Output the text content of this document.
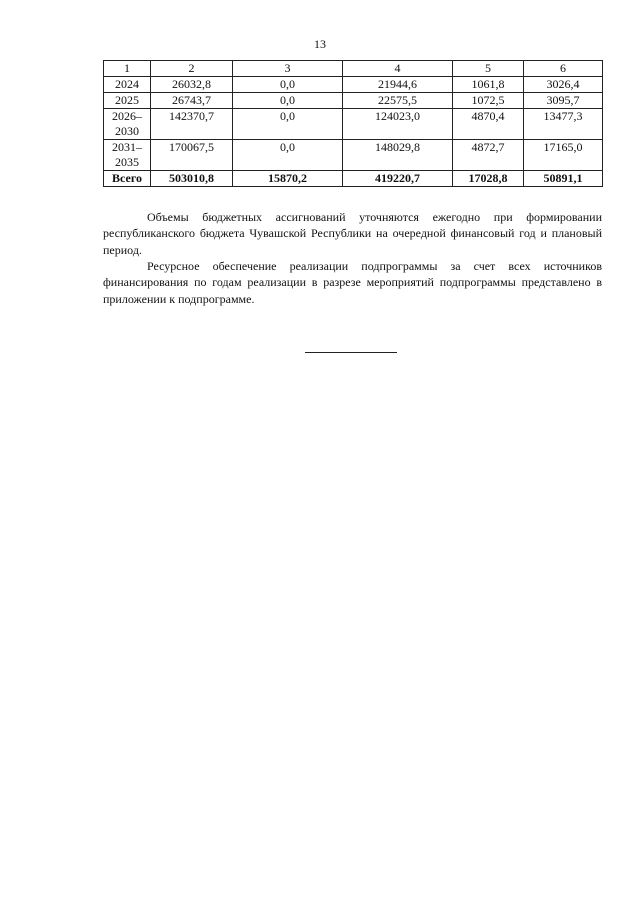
13
1	2	3	4	5	6
2024	26032,8	0,0	21944,6	1061,8	3026,4
2025	26743,7	0,0	22575,5	1072,5	3095,7
2026–2030	142370,7	0,0	124023,0	4870,4	13477,3
2031–2035	170067,5	0,0	148029,8	4872,7	17165,0
Всего	503010,8	15870,2	419220,7	17028,8	50891,1

Объемы бюджетных ассигнований уточняются ежегодно при формировании республиканского бюджета Чувашской Республики на очередной финансовый год и плановый период.

Ресурсное обеспечение реализации подпрограммы за счет всех источников финансирования по годам реализации в разрезе мероприятий подпрограммы представлено в приложении к подпрограмме.
